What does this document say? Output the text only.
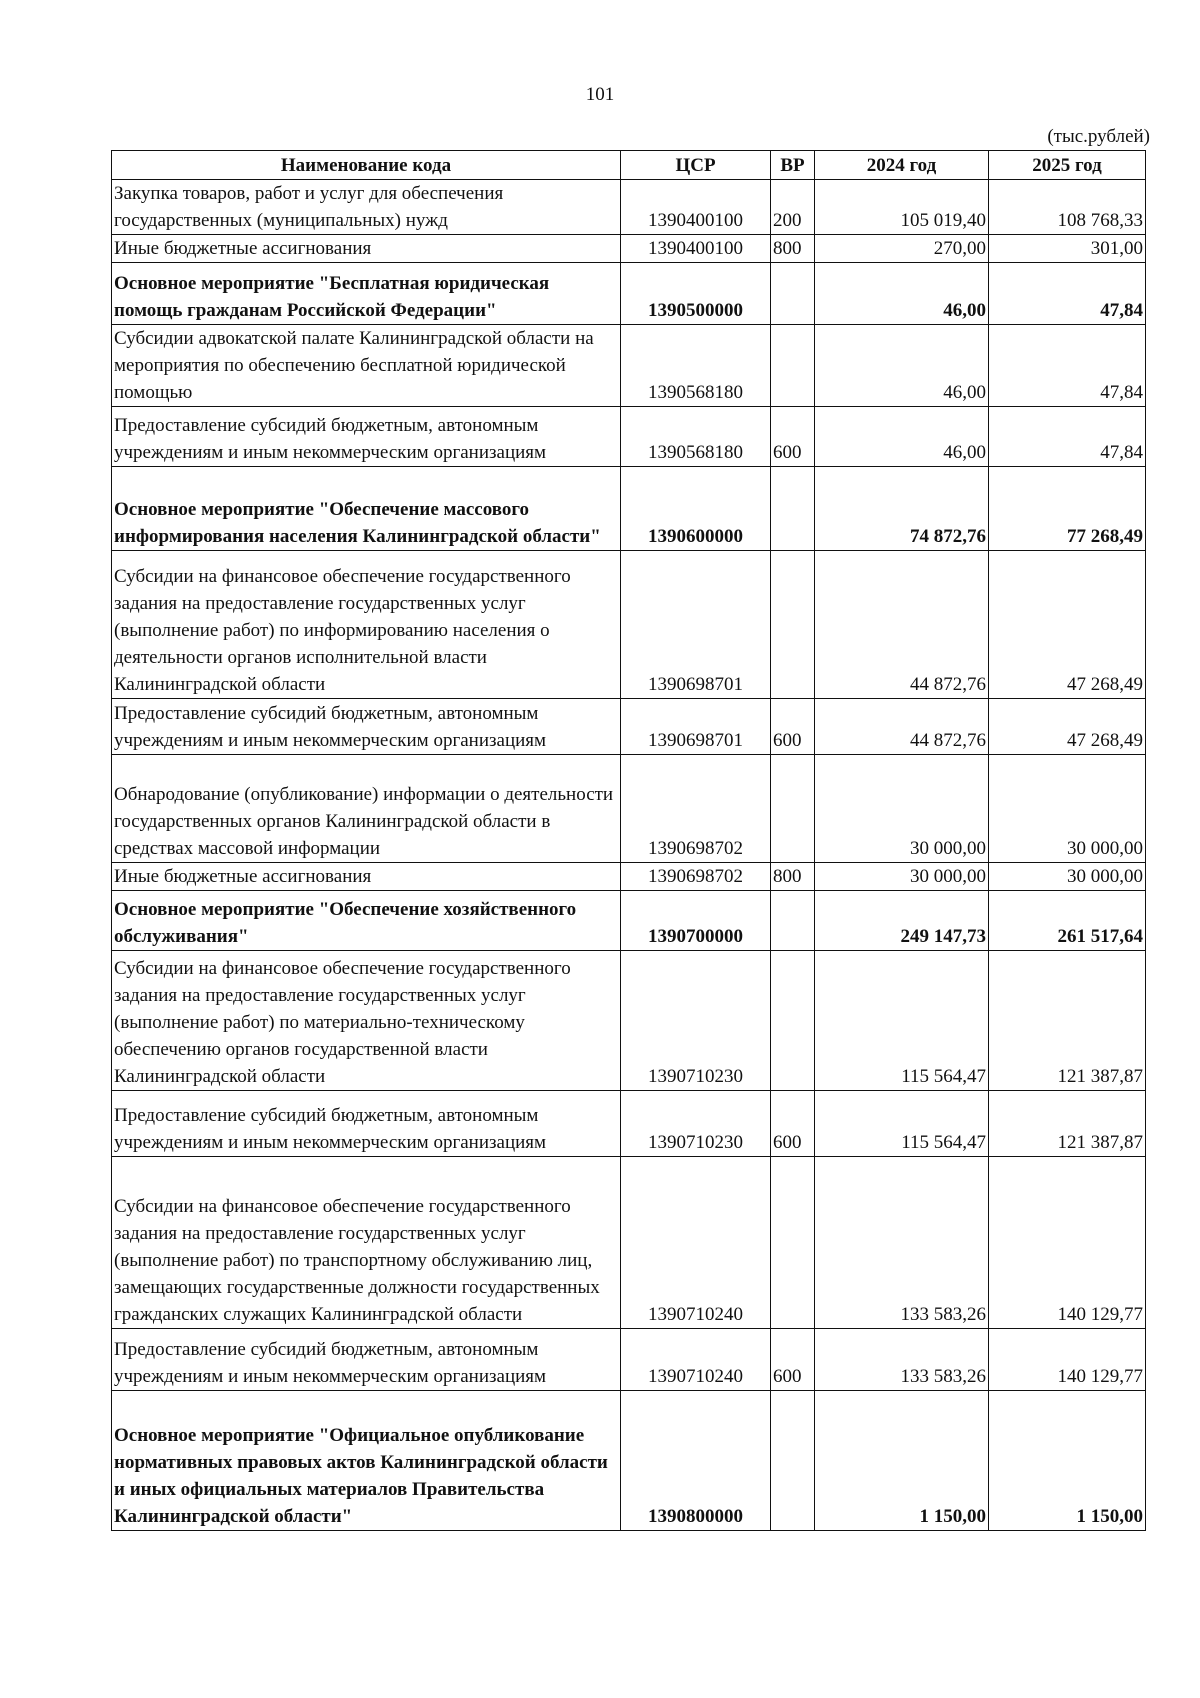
101
(тыс.рублей)
Наименование кода	ЦСР	ВР	2024 год	2025 год
Закупка товаров, работ и услуг для обеспечения государственных (муниципальных) нужд	1390400100	200	105 019,40	108 768,33
Иные бюджетные ассигнования	1390400100	800	270,00	301,00
Основное мероприятие "Бесплатная юридическая помощь гражданам Российской Федерации"	1390500000		46,00	47,84
Субсидии адвокатской палате Калининградской области на мероприятия по обеспечению бесплатной юридической помощью	1390568180		46,00	47,84
Предоставление субсидий бюджетным, автономным учреждениям и иным некоммерческим организациям	1390568180	600	46,00	47,84
Основное мероприятие "Обеспечение массового информирования населения Калининградской области"	1390600000		74 872,76	77 268,49
Субсидии на финансовое обеспечение государственного задания на предоставление государственных услуг (выполнение работ) по информированию населения о деятельности органов исполнительной власти Калининградской области	1390698701		44 872,76	47 268,49
Предоставление субсидий бюджетным, автономным учреждениям и иным некоммерческим организациям	1390698701	600	44 872,76	47 268,49
Обнародование (опубликование) информации о деятельности государственных органов Калининградской области в средствах массовой информации	1390698702		30 000,00	30 000,00
Иные бюджетные ассигнования	1390698702	800	30 000,00	30 000,00
Основное мероприятие "Обеспечение хозяйственного обслуживания"	1390700000		249 147,73	261 517,64
Субсидии на финансовое обеспечение государственного задания на предоставление государственных услуг (выполнение работ) по материально-техническому обеспечению органов государственной власти Калининградской области	1390710230		115 564,47	121 387,87
Предоставление субсидий бюджетным, автономным учреждениям и иным некоммерческим организациям	1390710230	600	115 564,47	121 387,87
Субсидии на финансовое обеспечение государственного задания на предоставление государственных услуг (выполнение работ) по транспортному обслуживанию лиц, замещающих государственные должности государственных гражданских служащих Калининградской области	1390710240		133 583,26	140 129,77
Предоставление субсидий бюджетным, автономным учреждениям и иным некоммерческим организациям	1390710240	600	133 583,26	140 129,77
Основное мероприятие "Официальное опубликование нормативных правовых актов Калининградской области и иных официальных материалов Правительства Калининградской области"	1390800000		1 150,00	1 150,00
